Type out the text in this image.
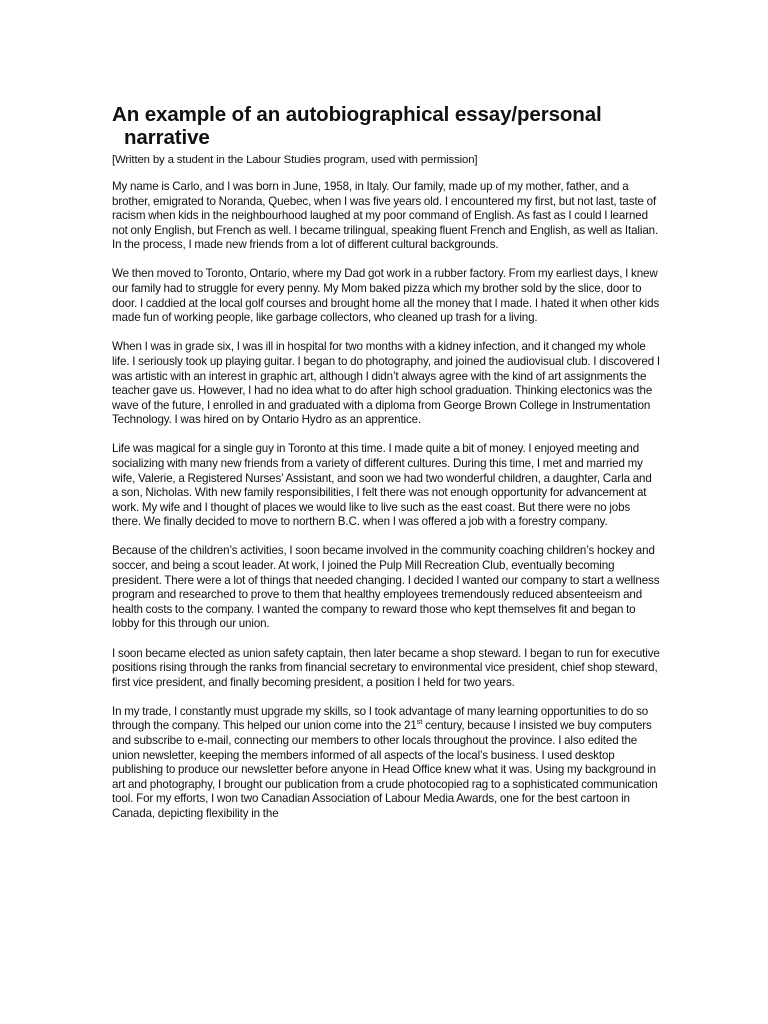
An example of an autobiographical essay/personal narrative

[Written by a student in the Labour Studies program, used with permission]

My name is Carlo, and I was born in June, 1958, in Italy. Our family, made up of my mother, father, and a brother, emigrated to Noranda, Quebec, when I was five years old. I encountered my first, but not last, taste of racism when kids in the neighbourhood laughed at my poor command of English. As fast as I could I learned not only English, but French as well. I became trilingual, speaking fluent French and English, as well as Italian. In the process, I made new friends from a lot of different cultural backgrounds.

We then moved to Toronto, Ontario, where my Dad got work in a rubber factory. From my earliest days, I knew our family had to struggle for every penny. My Mom baked pizza which my brother sold by the slice, door to door. I caddied at the local golf courses and brought home all the money that I made. I hated it when other kids made fun of working people, like garbage collectors, who cleaned up trash for a living.

When I was in grade six, I was ill in hospital for two months with a kidney infection, and it changed my whole life. I seriously took up playing guitar. I began to do photography, and joined the audiovisual club. I discovered I was artistic with an interest in graphic art, although I didn’t always agree with the kind of art assignments the teacher gave us. However, I had no idea what to do after high school graduation. Thinking electonics was the wave of the future, I enrolled in and graduated with a diploma from George Brown College in Instrumentation Technology. I was hired on by Ontario Hydro as an apprentice.

Life was magical for a single guy in Toronto at this time. I made quite a bit of money. I enjoyed meeting and socializing with many new friends from a variety of different cultures. During this time, I met and married my wife, Valerie, a Registered Nurses’ Assistant, and soon we had two wonderful children, a daughter, Carla and a son, Nicholas. With new family responsibilities, I felt there was not enough opportunity for advancement at work. My wife and I thought of places we would like to live such as the east coast. But there were no jobs there. We finally decided to move to northern B.C. when I was offered a job with a forestry company.

Because of the children’s activities, I soon became involved in the community coaching children’s hockey and soccer, and being a scout leader. At work, I joined the Pulp Mill Recreation Club, eventually becoming president. There were a lot of things that needed changing. I decided I wanted our company to start a wellness program and researched to prove to them that healthy employees tremendously reduced absenteeism and health costs to the company. I wanted the company to reward those who kept themselves fit and began to lobby for this through our union.

I soon became elected as union safety captain, then later became a shop steward. I began to run for executive positions rising through the ranks from financial secretary to environmental vice president, chief shop steward, first vice president, and finally becoming president, a position I held for two years.

In my trade, I constantly must upgrade my skills, so I took advantage of many learning opportunities to do so through the company. This helped our union come into the 21st century, because I insisted we buy computers and subscribe to e-mail, connecting our members to other locals throughout the province. I also edited the union newsletter, keeping the members informed of all aspects of the local’s business. I used desktop publishing to produce our newsletter before anyone in Head Office knew what it was. Using my background in art and photography, I brought our publication from a crude photocopied rag to a sophisticated communication tool. For my efforts, I won two Canadian Association of Labour Media Awards, one for the best cartoon in Canada, depicting flexibility in the
